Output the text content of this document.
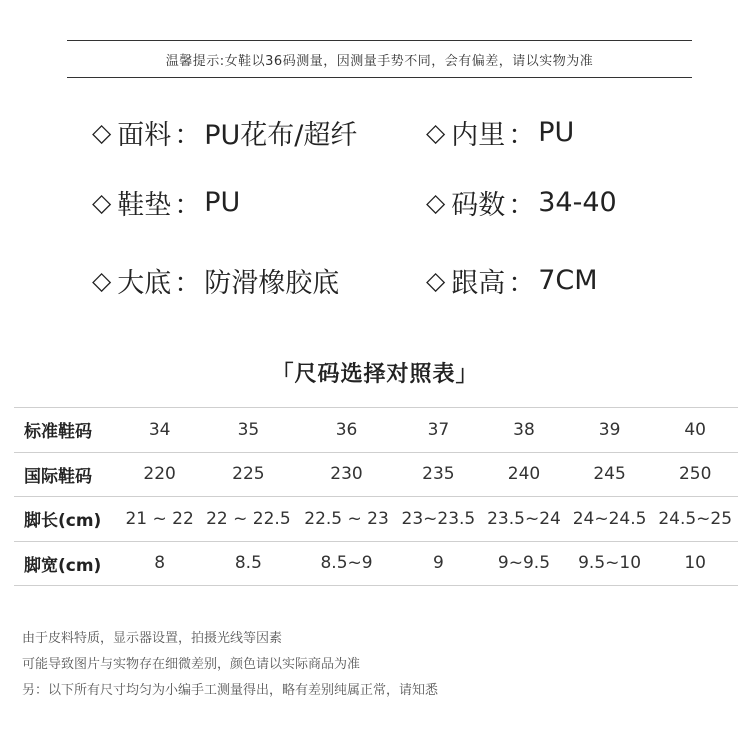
温馨提示:女鞋以36码测量，因测量手势不同，会有偏差，请以实物为准
◇ 面料 ： PU花布/超纤	◇ 内里 ： PU
◇ 鞋垫 ： PU	◇ 码数 ： 34-40
◇ 大底 ： 防滑橡胶底	◇ 跟高 ： 7CM
「尺码选择对照表」
标准鞋码	34	35	36	37	38	39	40
国际鞋码	220	225	230	235	240	245	250
脚长(cm)	21 ~ 22	22 ~ 22.5	22.5 ~ 23	23~23.5	23.5~24	24~24.5	24.5~25
脚宽(cm)	8	8.5	8.5~9	9	9~9.5	9.5~10	10
由于皮料特质，显示器设置，拍摄光线等因素
可能导致图片与实物存在细微差别，颜色请以实际商品为准
另：以下所有尺寸均匀为小编手工测量得出，略有差别纯属正常，请知悉
